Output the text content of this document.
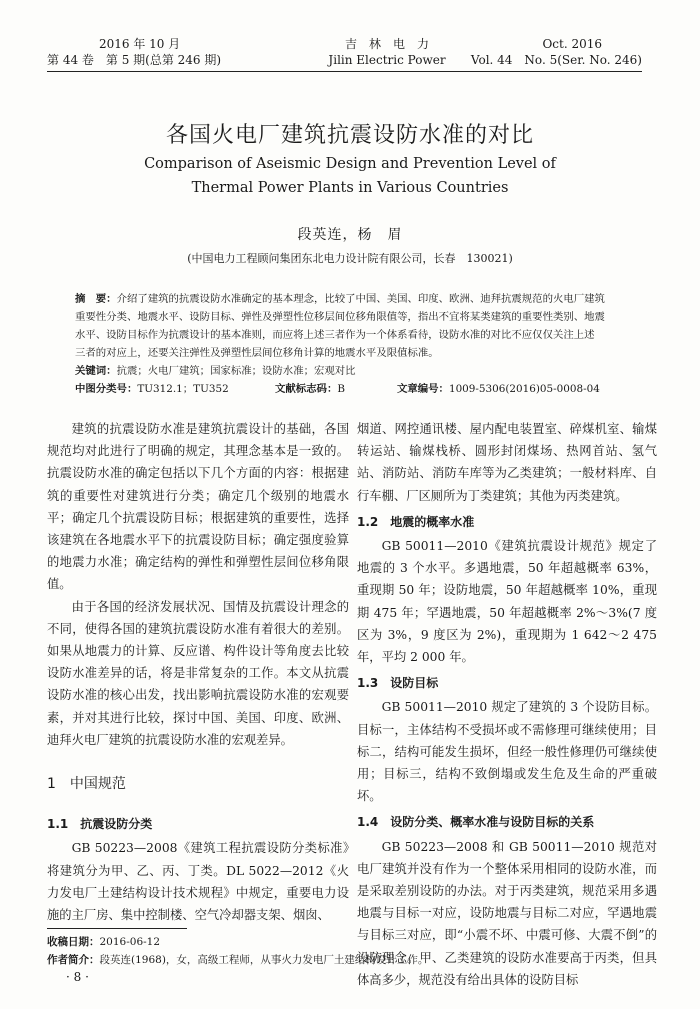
2016 年 10 月
第 44 卷　第 5 期(总第 246 期)
吉　林　电　力
Jilin Electric Power
Oct. 2016
Vol. 44　No. 5(Ser. No. 246)
各国火电厂建筑抗震设防水准的对比
Comparison of Aseismic Design and Prevention Level of
Thermal Power Plants in Various Countries
段英连，杨　眉
(中国电力工程顾问集团东北电力设计院有限公司，长春　130021)
摘　要：介绍了建筑的抗震设防水准确定的基本理念，比较了中国、美国、印度、欧洲、迪拜抗震规范的火电厂建筑
重要性分类、地震水平、设防目标、弹性及弹塑性位移层间位移角限值等，指出不宜将某类建筑的重要性类别、地震
水平、设防目标作为抗震设计的基本准则，而应将上述三者作为一个体系看待，设防水准的对比不应仅仅关注上述
三者的对应上，还要关注弹性及弹塑性层间位移角计算的地震水平及限值标准。
关键词：抗震；火电厂建筑；国家标准；设防水准；宏观对比
中图分类号：TU312.1；TU352	文献标志码：B	文章编号：1009-5306(2016)05-0008-04

建筑的抗震设防水准是建筑抗震设计的基础，各国规范均对此进行了明确的规定，其理念基本是一致的。抗震设防水准的确定包括以下几个方面的内容：根据建筑的重要性对建筑进行分类；确定几个级别的地震水平；确定几个抗震设防目标；根据建筑的重要性，选择该建筑在各地震水平下的抗震设防目标；确定强度验算的地震力水准；确定结构的弹性和弹塑性层间位移角限值。

由于各国的经济发展状况、国情及抗震设计理念的不同，使得各国的建筑抗震设防水准有着很大的差别。如果从地震力的计算、反应谱、构件设计等角度去比较设防水准差异的话，将是非常复杂的工作。本文从抗震设防水准的核心出发，找出影响抗震设防水准的宏观要素，并对其进行比较，探讨中国、美国、印度、欧洲、迪拜火电厂建筑的抗震设防水准的宏观差异。

1　中国规范
1.1　抗震设防分类

GB 50223—2008《建筑工程抗震设防分类标准》将建筑分为甲、乙、丙、丁类。DL 5022—2012《火力发电厂土建结构设计技术规程》中规定，重要电力设施的主厂房、集中控制楼、空气冷却器支架、烟囱、

烟道、网控通讯楼、屋内配电装置室、碎煤机室、输煤转运站、输煤栈桥、圆形封闭煤场、热网首站、氢气站、消防站、消防车库等为乙类建筑；一般材料库、自行车棚、厂区厕所为丁类建筑；其他为丙类建筑。

1.2　地震的概率水准

GB 50011—2010《建筑抗震设计规范》规定了地震的 3 个水平。多遇地震，50 年超越概率 63%，重现期 50 年；设防地震，50 年超越概率 10%，重现期 475 年；罕遇地震，50 年超越概率 2%～3%(7 度区为 3%，9 度区为 2%)，重现期为 1 642～2 475 年，平均 2 000 年。

1.3　设防目标

GB 50011—2010 规定了建筑的 3 个设防目标。目标一，主体结构不受损坏或不需修理可继续使用；目标二，结构可能发生损坏，但经一般性修理仍可继续使用；目标三，结构不致倒塌或发生危及生命的严重破坏。

1.4　设防分类、概率水准与设防目标的关系

GB 50223—2008 和 GB 50011—2010 规范对电厂建筑并没有作为一个整体采用相同的设防水准，而是采取差别设防的办法。对于丙类建筑，规范采用多遇地震与目标一对应，设防地震与目标二对应，罕遇地震与目标三对应，即“小震不坏、中震可修、大震不倒”的设防理念。甲、乙类建筑的设防水准要高于丙类，但具体高多少，规范没有给出具体的设防目标

收稿日期：2016-06-12
作者简介：段英连(1968)，女，高级工程师，从事火力发电厂土建结构设计工作。
· 8 ·
